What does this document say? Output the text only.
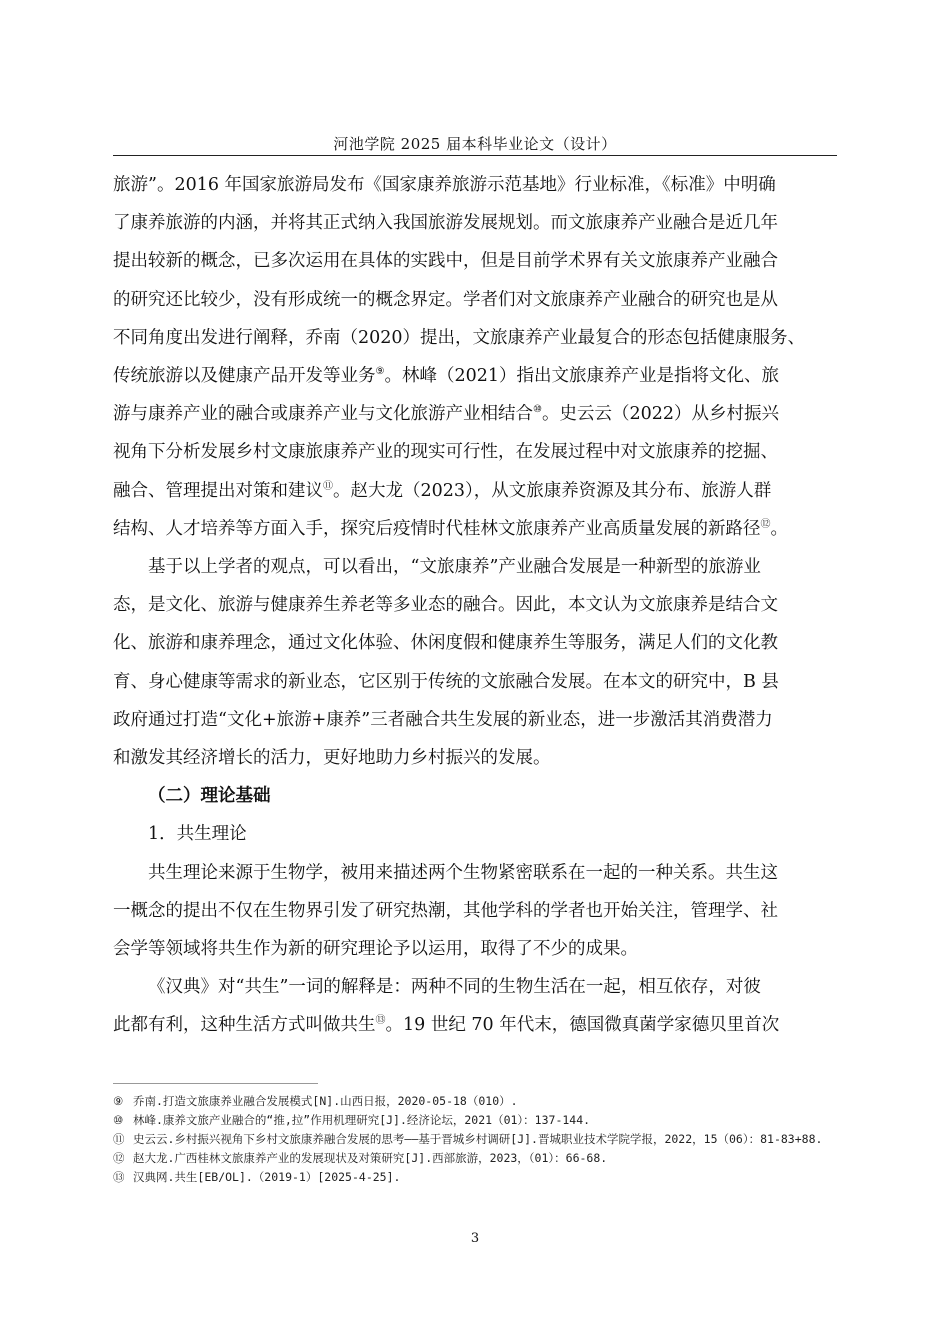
河池学院 2025 届本科毕业论文（设计）

旅游”。2016 年国家旅游局发布《国家康养旅游示范基地》行业标准，《标准》中明确
了康养旅游的内涵，并将其正式纳入我国旅游发展规划。而文旅康养产业融合是近几年
提出较新的概念，已多次运用在具体的实践中，但是目前学术界有关文旅康养产业融合
的研究还比较少，没有形成统一的概念界定。学者们对文旅康养产业融合的研究也是从
不同角度出发进行阐释，乔南（2020）提出，文旅康养产业最复合的形态包括健康服务、
传统旅游以及健康产品开发等业务⑨。林峰（2021）指出文旅康养产业是指将文化、旅
游与康养产业的融合或康养产业与文化旅游产业相结合⑩。史云云（2022）从乡村振兴
视角下分析发展乡村文康旅康养产业的现实可行性，在发展过程中对文旅康养的挖掘、
融合、管理提出对策和建议⑪。赵大龙（2023），从文旅康养资源及其分布、旅游人群
结构、人才培养等方面入手，探究后疫情时代桂林文旅康养产业高质量发展的新路径⑫。

基于以上学者的观点，可以看出，“文旅康养”产业融合发展是一种新型的旅游业
态，是文化、旅游与健康养生养老等多业态的融合。因此，本文认为文旅康养是结合文
化、旅游和康养理念，通过文化体验、休闲度假和健康养生等服务，满足人们的文化教
育、身心健康等需求的新业态，它区别于传统的文旅融合发展。在本文的研究中，B 县
政府通过打造“文化+旅游+康养”三者融合共生发展的新业态，进一步激活其消费潜力
和激发其经济增长的活力，更好地助力乡村振兴的发展。

（二）理论基础

1．共生理论

共生理论来源于生物学，被用来描述两个生物紧密联系在一起的一种关系。共生这
一概念的提出不仅在生物界引发了研究热潮，其他学科的学者也开始关注，管理学、社
会学等领域将共生作为新的研究理论予以运用，取得了不少的成果。

《汉典》对“共生”一词的解释是：两种不同的生物生活在一起，相互依存，对彼
此都有利，这种生活方式叫做共生⑬。19 世纪 70 年代末，德国微真菌学家德贝里首次

⑨ 乔南.打造文旅康养业融合发展模式[N].山西日报，2020-05-18（010）.
⑩ 林峰.康养文旅产业融合的“推,拉”作用机理研究[J].经济论坛，2021（01）：137-144.
⑪ 史云云.乡村振兴视角下乡村文旅康养融合发展的思考——基于晋城乡村调研[J].晋城职业技术学院学报，2022，15（06）：81-83+88.
⑫ 赵大龙.广西桂林文旅康养产业的发展现状及对策研究[J].西部旅游，2023，（01）：66-68.
⑬ 汉典网.共生[EB/OL].（2019-1）[2025-4-25].
3
